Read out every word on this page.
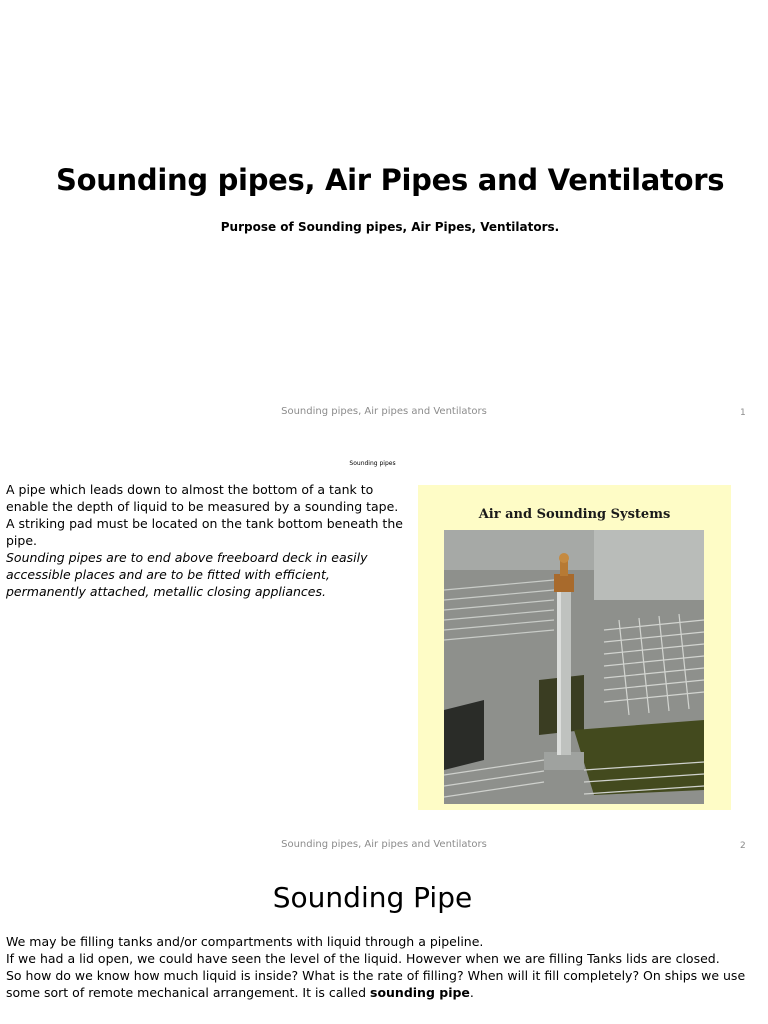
Sounding pipes, Air Pipes and Ventilators
Purpose of Sounding pipes, Air Pipes, Ventilators.
Sounding pipes, Air pipes and Ventilators	1
Sounding pipes

A pipe which leads down to almost the bottom of a tank to enable the depth of liquid to be measured by a sounding tape. A striking pad must be located on the tank bottom beneath the pipe.

Sounding pipes are to end above freeboard deck in easily accessible places and are to be fitted with efficient, permanently attached, metallic closing appliances.

Air and Sounding Systems
Sounding pipes, Air pipes and Ventilators	2
Sounding Pipe

We may be filling tanks and/or compartments with liquid through a pipeline.

If we had a lid open, we could have seen the level of the liquid. However when we are filling Tanks lids are closed.

So how do we know how much liquid is inside? What is the rate of filling? When will it fill completely? On ships we use some sort of remote mechanical arrangement. It is called sounding pipe.
